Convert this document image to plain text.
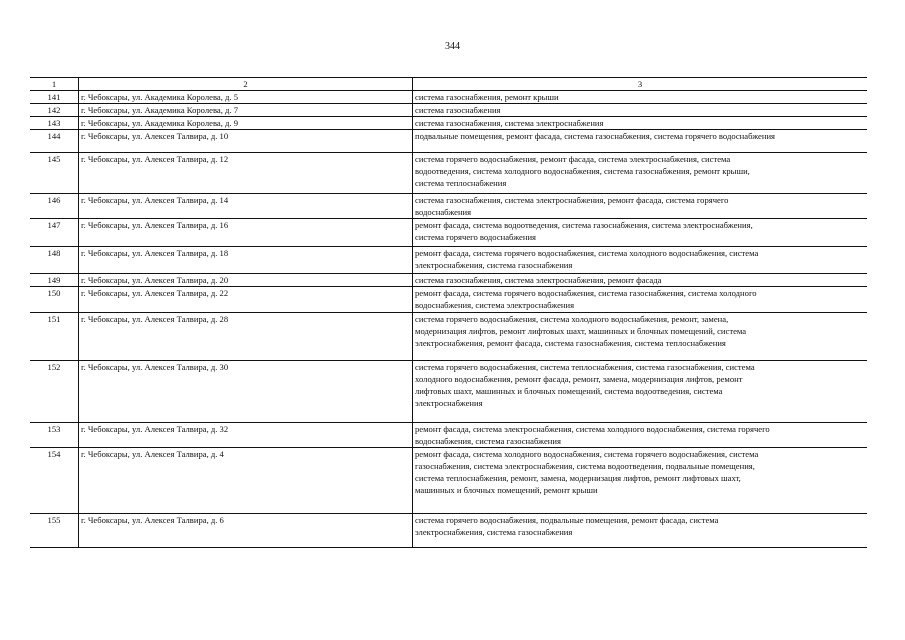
344
1	2	3
141	г. Чебоксары, ул. Академика Королева, д. 5	система газоснабжения, ремонт крыши
142	г. Чебоксары, ул. Академика Королева, д. 7	система газоснабжения
143	г. Чебоксары, ул. Академика Королева, д. 9	система газоснабжения, система электроснабжения
144	г. Чебоксары, ул. Алексея Талвира, д. 10	подвальные помещения, ремонт фасада, система газоснабжения, система горячего водоснабжения
145	г. Чебоксары, ул. Алексея Талвира, д. 12	система горячего водоснабжения, ремонт фасада, система электроснабжения, система
водоотведения, система холодного водоснабжения, система газоснабжения, ремонт крыши,
система теплоснабжения
146	г. Чебоксары, ул. Алексея Талвира, д. 14	система газоснабжения, система электроснабжения, ремонт фасада, система горячего
водоснабжения
147	г. Чебоксары, ул. Алексея Талвира, д. 16	ремонт фасада, система водоотведения, система газоснабжения, система электроснабжения,
система горячего водоснабжения
148	г. Чебоксары, ул. Алексея Талвира, д. 18	ремонт фасада, система горячего водоснабжения, система холодного водоснабжения, система
электроснабжения, система газоснабжения
149	г. Чебоксары, ул. Алексея Талвира, д. 20	система газоснабжения, система электроснабжения, ремонт фасада
150	г. Чебоксары, ул. Алексея Талвира, д. 22	ремонт фасада, система горячего водоснабжения, система газоснабжения, система холодного
водоснабжения, система электроснабжения
151	г. Чебоксары, ул. Алексея Талвира, д. 28	система горячего водоснабжения, система холодного водоснабжения, ремонт, замена,
модернизация лифтов, ремонт лифтовых шахт, машинных и блочных помещений, система
электроснабжения, ремонт фасада, система газоснабжения, система теплоснабжения
152	г. Чебоксары, ул. Алексея Талвира, д. 30	система горячего водоснабжения, система теплоснабжения, система газоснабжения, система
холодного водоснабжения, ремонт фасада, ремонт, замена, модернизация лифтов, ремонт
лифтовых шахт, машинных и блочных помещений, система водоотведения, система
электроснабжения
153	г. Чебоксары, ул. Алексея Талвира, д. 32	ремонт фасада, система электроснабжения, система холодного водоснабжения, система горячего
водоснабжения, система газоснабжения
154	г. Чебоксары, ул. Алексея Талвира, д. 4	ремонт фасада, система холодного водоснабжения, система горячего водоснабжения, система
газоснабжения, система электроснабжения, система водоотведения, подвальные помещения,
система теплоснабжения, ремонт, замена, модернизация лифтов, ремонт лифтовых шахт,
машинных и блочных помещений, ремонт крыши
155	г. Чебоксары, ул. Алексея Талвира, д. 6	система горячего водоснабжения, подвальные помещения, ремонт фасада, система
электроснабжения, система газоснабжения
